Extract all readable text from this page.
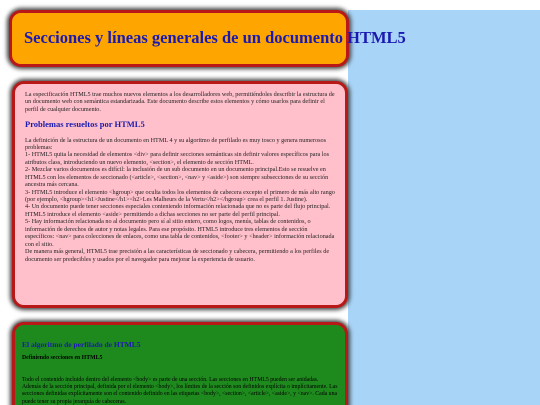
Secciones y líneas generales de un documento HTML5

La especificación HTML5 trae muchos nuevos elementos a los desarrolladores web, permitiéndoles describir la estructura de un documento web con semántica estandarizada. Este documento describe estos elementos y cómo usarlos para definir el perfil de cualquier documento.

Problemas resueltos por HTML5

La definición de la estructura de un documento en HTML 4 y su algoritmo de perfilado es muy tosco y genera numerosos problemas:

1- HTML5 quita la necesidad de elementos <div> para definir secciones semánticas sin definir valores específicos para los atributos class, introduciendo un nuevo elemento, <section>, el elemento de sección HTML.

2- Mezclar varios documentos es difícil: la inclusión de un sub documento en un documento principal.Esto se resuelve en HTML5 con los elementos de seccionado (<article>, <section>, <nav> y <aside>) son siempre subsecciones de su sección ancestra más cercana.

3- HTML5 introduce el elemento <hgroup> que oculta todos los elementos de cabecera excepto el primero de más alto rango (por ejemplo, <hgroup><h1>Justine</h1><h2>Les Malheurs de la Vertu</h2></hgroup> crea el perfil 1. Justine).

4- Un documento puede tener secciones especiales conteniendo información relacionada que no es parte del flujo principal. HTML5 introduce el elemento <aside> permitiendo a dichas secciones no ser parte del perfil principal.

5- Hay información relacionada no al documento pero sí al sitio entero, como logos, menús, tablas de contenidos, o información de derechos de autor y notas legales. Para ese propósito. HTML5 introduce tres elementos de sección específicos: <nav> para colecciones de enlaces, como una tabla de contenidos, <footer> y <header> información relacionada con el sitio.

De manera más general, HTML5 trae precisión a las características de seccionado y cabecera, permitiendo a los perfiles de documento ser predecibles y usados por el navegador para mejorar la experiencia de usuario.

El algoritmo de perfilado de HTML5
Definiendo secciones en HTML5

Todo el contenido incluido dentro del elemento <body> es parte de una sección. Las secciones en HTML5 pueden ser anidadas. Además de la sección principal, definida por el elemento <body>, los límites de la sección son definidos explícita o implícitamente. Las secciones definidas explícitamente son el contenido definido en las etiquetas <body>, <section>, <article>, <aside>, y <nav>. Cada una puede tener su propia jerarquía de cabeceras.
